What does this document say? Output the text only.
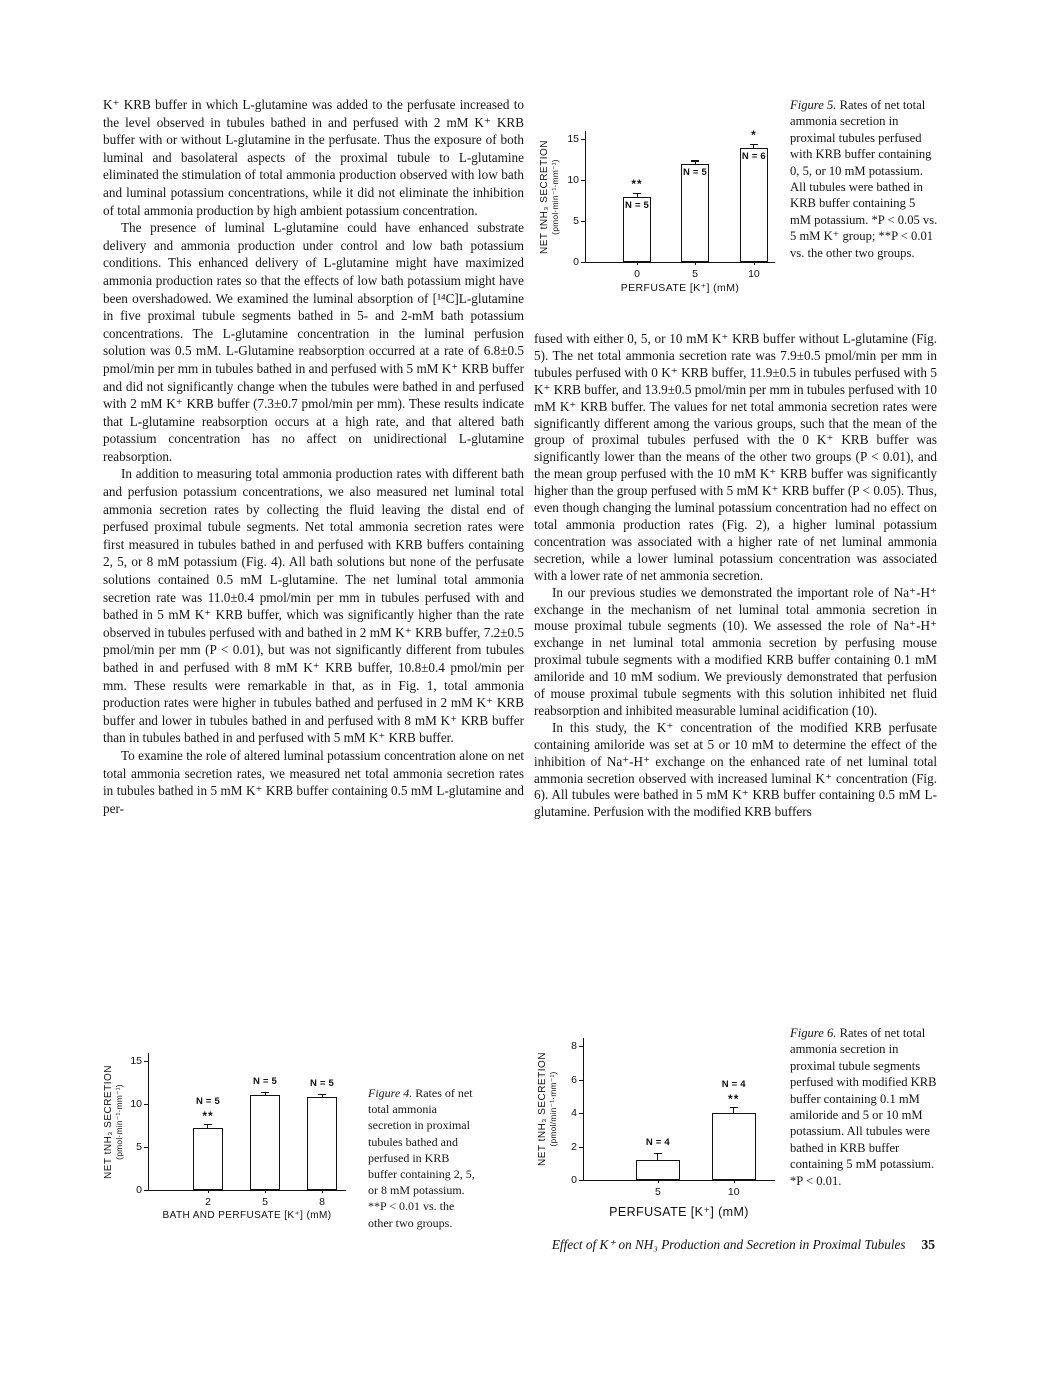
K⁺ KRB buffer in which L-glutamine was added to the perfusate increased to the level observed in tubules bathed in and perfused with 2 mM K⁺ KRB buffer with or without L-glutamine in the perfusate. Thus the exposure of both luminal and basolateral aspects of the proximal tubule to L-glutamine eliminated the stimulation of total ammonia production observed with low bath and luminal potassium concentrations, while it did not eliminate the inhibition of total ammonia production by high ambient potassium concentration.

The presence of luminal L-glutamine could have enhanced substrate delivery and ammonia production under control and low bath potassium conditions. This enhanced delivery of L-glutamine might have maximized ammonia production rates so that the effects of low bath potassium might have been overshadowed. We examined the luminal absorption of [¹⁴C]L-glutamine in five proximal tubule segments bathed in 5- and 2-mM bath potassium concentrations. The L-glutamine concentration in the luminal perfusion solution was 0.5 mM. L-Glutamine reabsorption occurred at a rate of 6.8±0.5 pmol/min per mm in tubules bathed in and perfused with 5 mM K⁺ KRB buffer and did not significantly change when the tubules were bathed in and perfused with 2 mM K⁺ KRB buffer (7.3±0.7 pmol/min per mm). These results indicate that L-glutamine reabsorption occurs at a high rate, and that altered bath potassium concentration has no affect on unidirectional L-glutamine reabsorption.

In addition to measuring total ammonia production rates with different bath and perfusion potassium concentrations, we also measured net luminal total ammonia secretion rates by collecting the fluid leaving the distal end of perfused proximal tubule segments. Net total ammonia secretion rates were first measured in tubules bathed in and perfused with KRB buffers containing 2, 5, or 8 mM potassium (Fig. 4). All bath solutions but none of the perfusate solutions contained 0.5 mM L-glutamine. The net luminal total ammonia secretion rate was 11.0±0.4 pmol/min per mm in tubules perfused with and bathed in 5 mM K⁺ KRB buffer, which was significantly higher than the rate observed in tubules perfused with and bathed in 2 mM K⁺ KRB buffer, 7.2±0.5 pmol/min per mm (P < 0.01), but was not significantly different from tubules bathed in and perfused with 8 mM K⁺ KRB buffer, 10.8±0.4 pmol/min per mm. These results were remarkable in that, as in Fig. 1, total ammonia production rates were higher in tubules bathed and perfused in 2 mM K⁺ KRB buffer and lower in tubules bathed in and perfused with 8 mM K⁺ KRB buffer than in tubules bathed in and perfused with 5 mM K⁺ KRB buffer.

To examine the role of altered luminal potassium concentration alone on net total ammonia secretion rates, we measured net total ammonia secretion rates in tubules bathed in 5 mM K⁺ KRB buffer containing 0.5 mM L-glutamine and per-

fused with either 0, 5, or 10 mM K⁺ KRB buffer without L-glutamine (Fig. 5). The net total ammonia secretion rate was 7.9±0.5 pmol/min per mm in tubules perfused with 0 K⁺ KRB buffer, 11.9±0.5 in tubules perfused with 5 K⁺ KRB buffer, and 13.9±0.5 pmol/min per mm in tubules perfused with 10 mM K⁺ KRB buffer. The values for net total ammonia secretion rates were significantly different among the various groups, such that the mean of the group of proximal tubules perfused with the 0 K⁺ KRB buffer was significantly lower than the means of the other two groups (P < 0.01), and the mean group perfused with the 10 mM K⁺ KRB buffer was significantly higher than the group perfused with 5 mM K⁺ KRB buffer (P < 0.05). Thus, even though changing the luminal potassium concentration had no effect on total ammonia production rates (Fig. 2), a higher luminal potassium concentration was associated with a higher rate of net luminal ammonia secretion, while a lower luminal potassium concentration was associated with a lower rate of net ammonia secretion.

In our previous studies we demonstrated the important role of Na⁺-H⁺ exchange in the mechanism of net luminal total ammonia secretion in mouse proximal tubule segments (10). We assessed the role of Na⁺-H⁺ exchange in net luminal total ammonia secretion by perfusing mouse proximal tubule segments with a modified KRB buffer containing 0.1 mM amiloride and 10 mM sodium. We previously demonstrated that perfusion of mouse proximal tubule segments with this solution inhibited net fluid reabsorption and inhibited measurable luminal acidification (10).

In this study, the K⁺ concentration of the modified KRB perfusate containing amiloride was set at 5 or 10 mM to determine the effect of the inhibition of Na⁺-H⁺ exchange on the enhanced rate of net luminal total ammonia secretion observed with increased luminal K⁺ concentration (Fig. 6). All tubules were bathed in 5 mM K⁺ KRB buffer containing 0.5 mM L-glutamine. Perfusion with the modified KRB buffers

0
5
10
15
0
**
N = 5
5
N = 5
10
*
N = 6
PERFUSATE [K⁺] (mM)
NET tNH₃ SECRETION (pmol·min⁻¹·mm⁻¹)
Figure 5. Rates of net total ammonia secretion in proximal tubules perfused with KRB buffer containing 0, 5, or 10 mM potassium. All tubules were bathed in KRB buffer containing 5 mM potassium. *P < 0.05 vs. 5 mM K⁺ group; **P < 0.01 vs. the other two groups.
0
5
10
15
2
**
N = 5
5
N = 5
8
N = 5
BATH AND PERFUSATE [K⁺] (mM)
NET tNH₃ SECRETION (pmol·min⁻¹·mm⁻¹)	Figure 4. Rates of net total ammonia secretion in proximal tubules bathed and perfused in KRB buffer containing 2, 5, or 8 mM potassium. **P < 0.01 vs. the other two groups.
0
2
4
6
8
5
N = 4
10
**
N = 4
PERFUSATE [K⁺] (mM)
NET tNH₃ SECRETION (pmol/min⁻¹·mm⁻¹)
Figure 6. Rates of net total ammonia secretion in proximal tubule segments perfused with modified KRB buffer containing 0.1 mM amiloride and 5 or 10 mM potassium. All tubules were bathed in KRB buffer containing 5 mM potassium. *P < 0.01.
Effect of K⁺ on NH₃ Production and Secretion in Proximal Tubules 35
